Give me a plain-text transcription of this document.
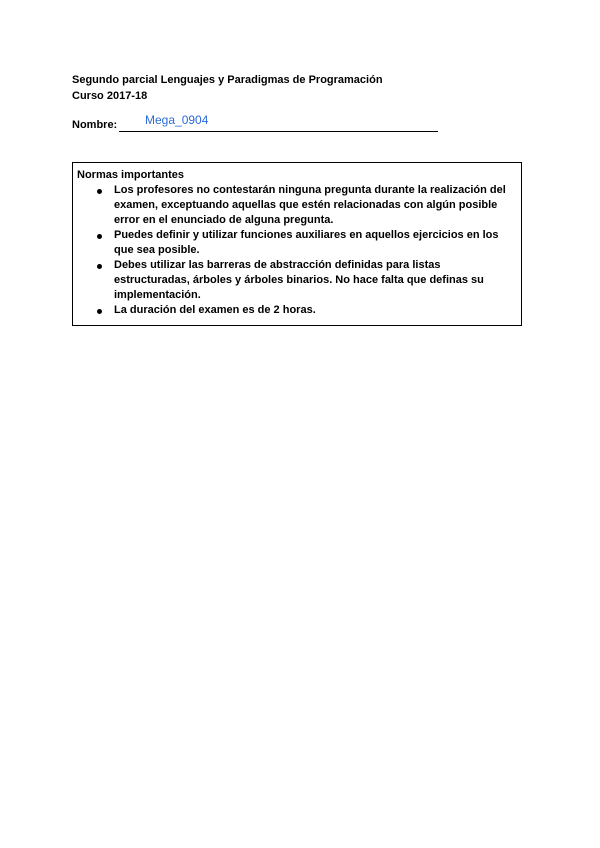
Segundo parcial Lenguajes y Paradigmas de Programación
Curso 2017-18
Nombre: Mega_0904
Normas importantes
Los profesores no contestarán ninguna pregunta durante la realización del examen, exceptuando aquellas que estén relacionadas con algún posible error en el enunciado de alguna pregunta.
Puedes definir y utilizar funciones auxiliares en aquellos ejercicios en los que sea posible.
Debes utilizar las barreras de abstracción definidas para listas estructuradas, árboles y árboles binarios. No hace falta que definas su implementación.
La duración del examen es de 2 horas.
